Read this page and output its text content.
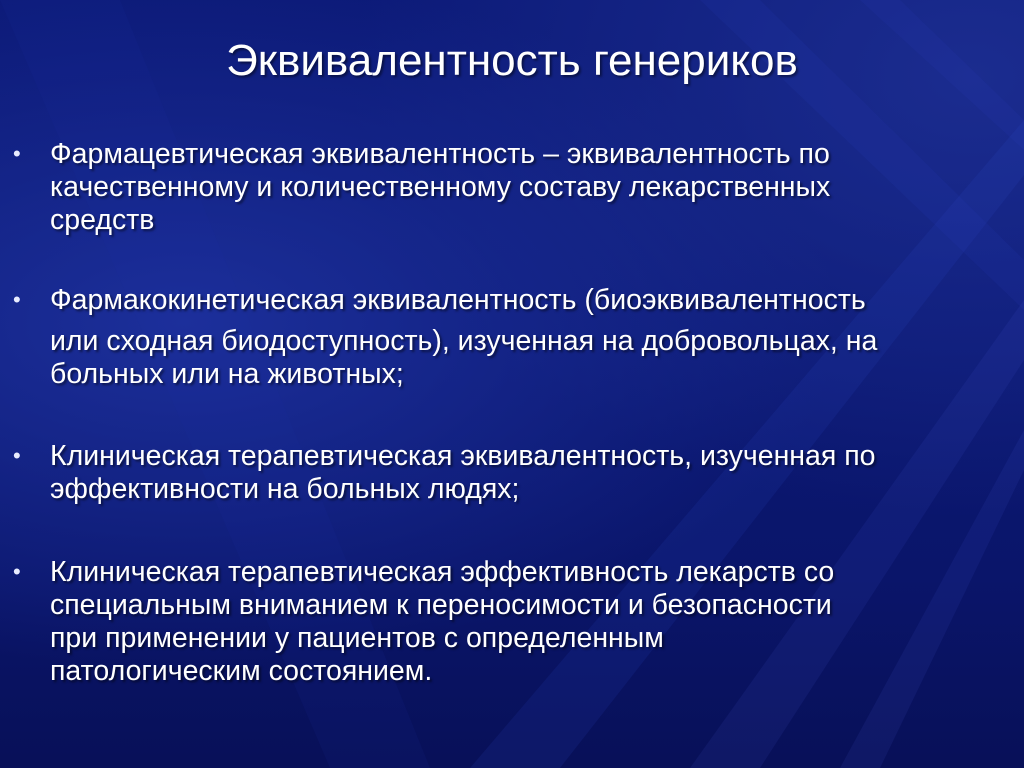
Эквивалентность генериков
• Фармацевтическая эквивалентность – эквивалентность по
качественному и количественному составу лекарственных
средств
• Фармакокинетическая эквивалентность (биоэквивалентность
или сходная биодоступность), изученная на добровольцах, на
больных или на животных;
• Клиническая терапевтическая эквивалентность, изученная по
эффективности на больных людях;
• Клиническая терапевтическая эффективность лекарств со
специальным вниманием к переносимости и безопасности
при применении у пациентов с определенным
патологическим состоянием.
